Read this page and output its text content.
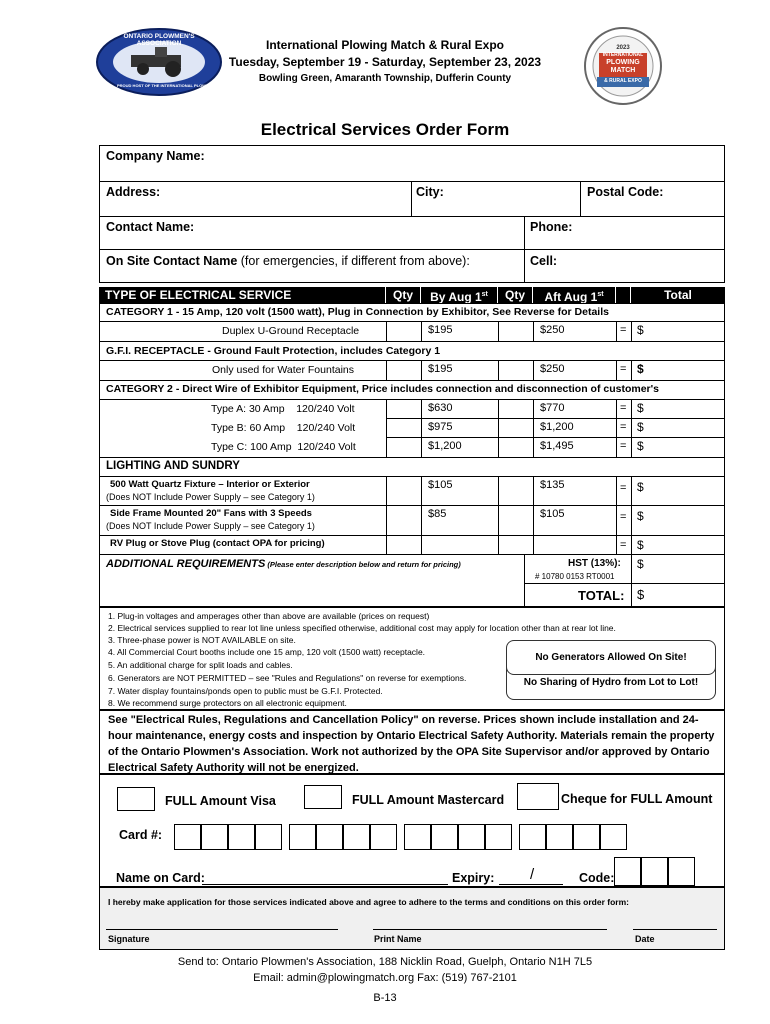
ONTARIO PLOWMEN'S ASSOCIATION
PROUD HOST OF THE INTERNATIONAL PLOWING MATCH
International Plowing Match & Rural Expo
Tuesday, September 19 - Saturday, September 23, 2023
Bowling Green, Amaranth Township, Dufferin County
2023
INTERNATIONAL
PLOWING
MATCH
& RURAL EXPO
Electrical Services Order Form
Company Name:
Address:	City:	Postal Code:
Contact Name:	Phone:
On Site Contact Name (for emergencies, if different from above):	Cell:
TYPE OF ELECTRICAL SERVICE	Qty	By Aug 1st	Qty	Aft Aug 1st	Total
CATEGORY 1 - 15 Amp, 120 volt (1500 watt), Plug in Connection by Exhibitor, See Reverse for Details
Duplex U-Ground Receptacle	$195	$250	= $
G.F.I. RECEPTACLE - Ground Fault Protection, includes Category 1
Only used for Water Fountains	$195	$250	= $
CATEGORY 2 - Direct Wire of Exhibitor Equipment, Price includes connection and disconnection of customer's
Type A: 30 Amp    120/240 Volt	$630	$770	= $
Type B: 60 Amp    120/240 Volt	$975	$1,200	= $
Type C: 100 Amp  120/240 Volt	$1,200	$1,495	= $
LIGHTING AND SUNDRY
500 Watt Quartz Fixture – Interior or Exterior
(Does NOT Include Power Supply – see Category 1)
$105	$135	= $
Side Frame Mounted 20" Fans with 3 Speeds
(Does NOT Include Power Supply – see Category 1)
$85	$105	= $
RV Plug or Stove Plug (contact OPA for pricing)	= $
ADDITIONAL REQUIREMENTS (Please enter description below and return for pricing)	HST (13%):
# 10780 0153 RT0001
$
TOTAL: $
1. Plug-in voltages and amperages other than above are available (prices on request)
2. Electrical services supplied to rear lot line unless specified otherwise, additional cost may apply for location other than at rear lot line.
3. Three-phase power is NOT AVAILABLE on site.
4. All Commercial Court booths include one 15 amp, 120 volt (1500 watt) receptacle.
5. An additional charge for split loads and cables.
6. Generators are NOT PERMITTED – see "Rules and Regulations" on reverse for exemptions.
7. Water display fountains/ponds open to public must be G.F.I. Protected.
8. We recommend surge protectors on all electronic equipment.
No Generators Allowed On Site!
No Sharing of Hydro from Lot to Lot!
See "Electrical Rules, Regulations and Cancellation Policy" on reverse. Prices shown include installation and 24-hour maintenance, energy costs and inspection by Ontario Electrical Safety Authority. Materials remain the property of the Ontario Plowmen's Association. Work not authorized by the OPA Site Supervisor and/or approved by Ontario Electrical Safety Authority will not be energized.
FULL Amount Visa	FULL Amount Mastercard	Cheque for FULL Amount
Card #:
Name on Card:	Expiry: /	Code:
I hereby make application for those services indicated above and agree to adhere to the terms and conditions on this order form:
Signature	Print Name	Date
Send to: Ontario Plowmen's Association, 188 Nicklin Road, Guelph, Ontario N1H 7L5
Email: admin@plowingmatch.org Fax: (519) 767-2101
B-13
